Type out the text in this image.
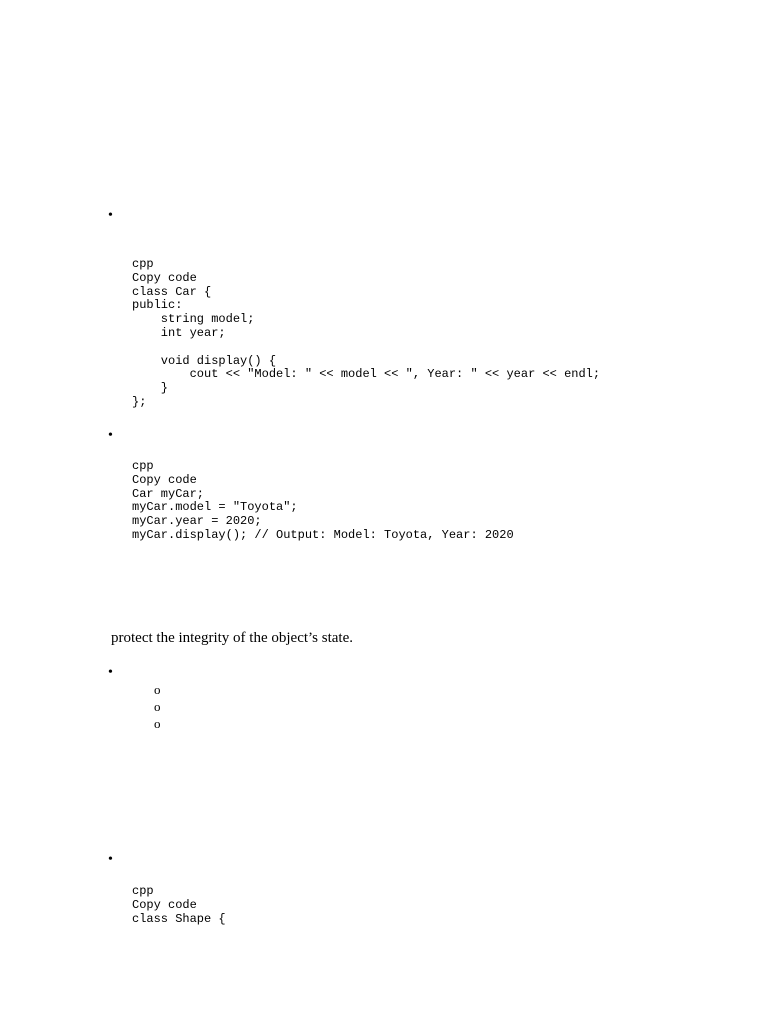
•
cpp
Copy code
class Car {
public:
string model;
int year;

void display() {
cout << "Model: " << model << ", Year: " << year << endl;
}
};
•
cpp
Copy code
Car myCar;
myCar.model = "Toyota";
myCar.year = 2020;
myCar.display(); // Output: Model: Toyota, Year: 2020
protect the integrity of the object’s state.
•
o
o
o
•
cpp
Copy code
class Shape {
